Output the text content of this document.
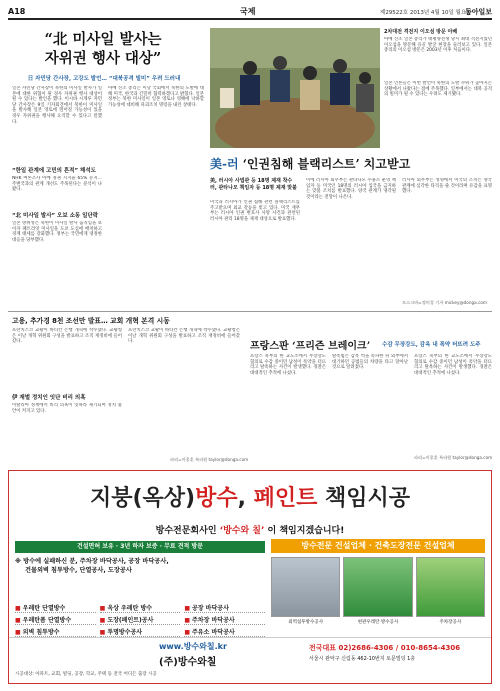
A18	국제	제29522호 2013년 4월 10일 월요일
동아일보
“北 미사일 발사는
자위권 행사 대상”
日 자민당 간사장, 고강도 발언… “대북공격 빌미” 우려 드러내
일본 자민당 간사장이 북한의 미사일 발사가 일본에 대한 위협이 될 경우 자위권 행사 대상이 될 수 있다는 발언을 했다. 이시바 시게루 자민당 간사장은 9일 기자회견에서 북한이 미사일을 발사해 일본 영토에 떨어질 가능성이 있을 경우 자위권을 행사해 요격할 수 있다고 말했다.
“한일 관계에 고민의 흔적” 해석도
NHK 여론조사 아베 정권 지지율 65% 유지… 주변국과의 관계 개선도 주목된다는 분석이 나왔다.
“北 미사일 발사” 오보 소동 일단락
일본 방위성은 북한이 미사일 발사 움직임을 보이자 패트리엇 미사일을 도쿄 도심에 배치하고 경계 태세를 강화했다. 정부는 국민에게 냉정한 대응을 당부했다.
아베 신조 총리는 이날 국회에서 북한의 도발에 대해 미국, 한국과 긴밀히 협력하겠다고 밝혔다. 일본 정부는 북한 미사일이 일본 영토나 영해에 낙하할 가능성에 대비해 파괴조치 명령을 내린 상태다.
2차대전 격전지 이오섬 방문 아베
아베 신조 일본 총리가 태평양전쟁 당시 최대 격전지였던 이오섬을 방문해 유골 발굴 현장을 둘러보고 있다. 일본 총리의 이오섬 방문은 2003년 이후 처음이다.
일본 언론들은 이번 발언이 북한의 도발 수위가 높아지는 상황에서 나왔다는 점에 주목했다. 일부에서는 대북 공격의 빌미가 될 수 있다는 우려도 제기됐다.
美-러 ‘인권침해 블랙리스트’ 치고받고
美, 러시아 사법관 등 18명 제재 착수 러, 관타나모 책임자 등 18명 제재 맞불
미국과 러시아가 인권 침해 관련 블랙리스트를 주고받으며 외교 갈등을 빚고 있다. 미국 재무부는 러시아 인권 변호사 사망 사건과 관련된 러시아 관리 18명을 제재 대상으로 발표했다.
이에 러시아 외무부는 관타나모 수용소 운영 책임자 등 미국인 18명의 러시아 입국을 금지하는 맞불 조치를 발표했다. 양국 관계가 냉각될 것이라는 전망이 나온다.
러시아 외무부는 성명에서 미국의 조치는 양국 관계에 심각한 타격을 줄 것이라며 유감을 표명했다.
모스크바=정미경 기자 mickey@donga.com
고용, 추가경 8천 조선만 발표… 교회 개혁 본격 시동
프란치스코 교황이 바티칸 은행 개혁에 착수했다. 교황청은 이날 개혁 위원회 구성을 발표하고 조직 재정비에 들어갔다.
伊 재벌 정치인 잇단 비리 의혹
이탈리아 정계에서 비리 의혹이 잇따라 제기되며 정치 불안이 커지고 있다.
프란치스코 교황이 바티칸 은행 개혁에 착수했다. 교황청은 이날 개혁 위원회 구성을 발표하고 조직 재정비에 들어갔다.
파리=이종훈 특파원 taylor@donga.com
프랑스판 ‘프리즌 브레이크’ 수감 무장강도, 감옥 내 폭약 터뜨려 도주
프랑스 북부의 한 교도소에서 무장강도 혐의로 수감 중이던 남성이 폭약을 터뜨리고 탈옥하는 사건이 발생했다. 경찰은 대대적인 추적에 나섰다.
탈옥범은 감옥 벽을 폭파한 뒤 외부에서 대기하던 공범들의 차량을 타고 달아난 것으로 알려졌다.
프랑스 북부의 한 교도소에서 무장강도 혐의로 수감 중이던 남성이 폭약을 터뜨리고 탈옥하는 사건이 발생했다. 경찰은 대대적인 추적에 나섰다.
파리=이종훈 특파원 taylor@donga.com
지붕(옥상)방수, 페인트 책임시공
방수전문회사인 ‘방수와 칠’ 이 책임지겠습니다!
건설면허 보유 ∙ 3년 하자 보증 ∙ 무료 견적 방문	방수전문 건설업체 ∙ 건축도장전문 건설업체
※ 방수에 실패하신 분, 주차장 바닥공사, 공장 바닥공사,
건물외벽 침투방수, 단열공사, 도장공사
■ 우레탄 단열방수	■ 옥상 우레탄 방수	■ 공장 바닥공사
■ 우레탄폼 단열방수	■ 도장(페인트)공사	■ 주차장 바닥공사
■ 외벽 침투방수	■ 투명방수공사	■ 주유소 바닥공사
외벽침투방수공사	현관우레탄 방수공사	주차장공사
www.방수와칠.kr
(주)방수와칠
전국대표 02)2686-4306 / 010-8654-4306
서울시 관악구 신림동 462-10번지 토문빌딩 1층
시공대상: 아파트, 교회, 빌딩, 공장, 학교, 주택 등 전국 어디든 출장 시공
